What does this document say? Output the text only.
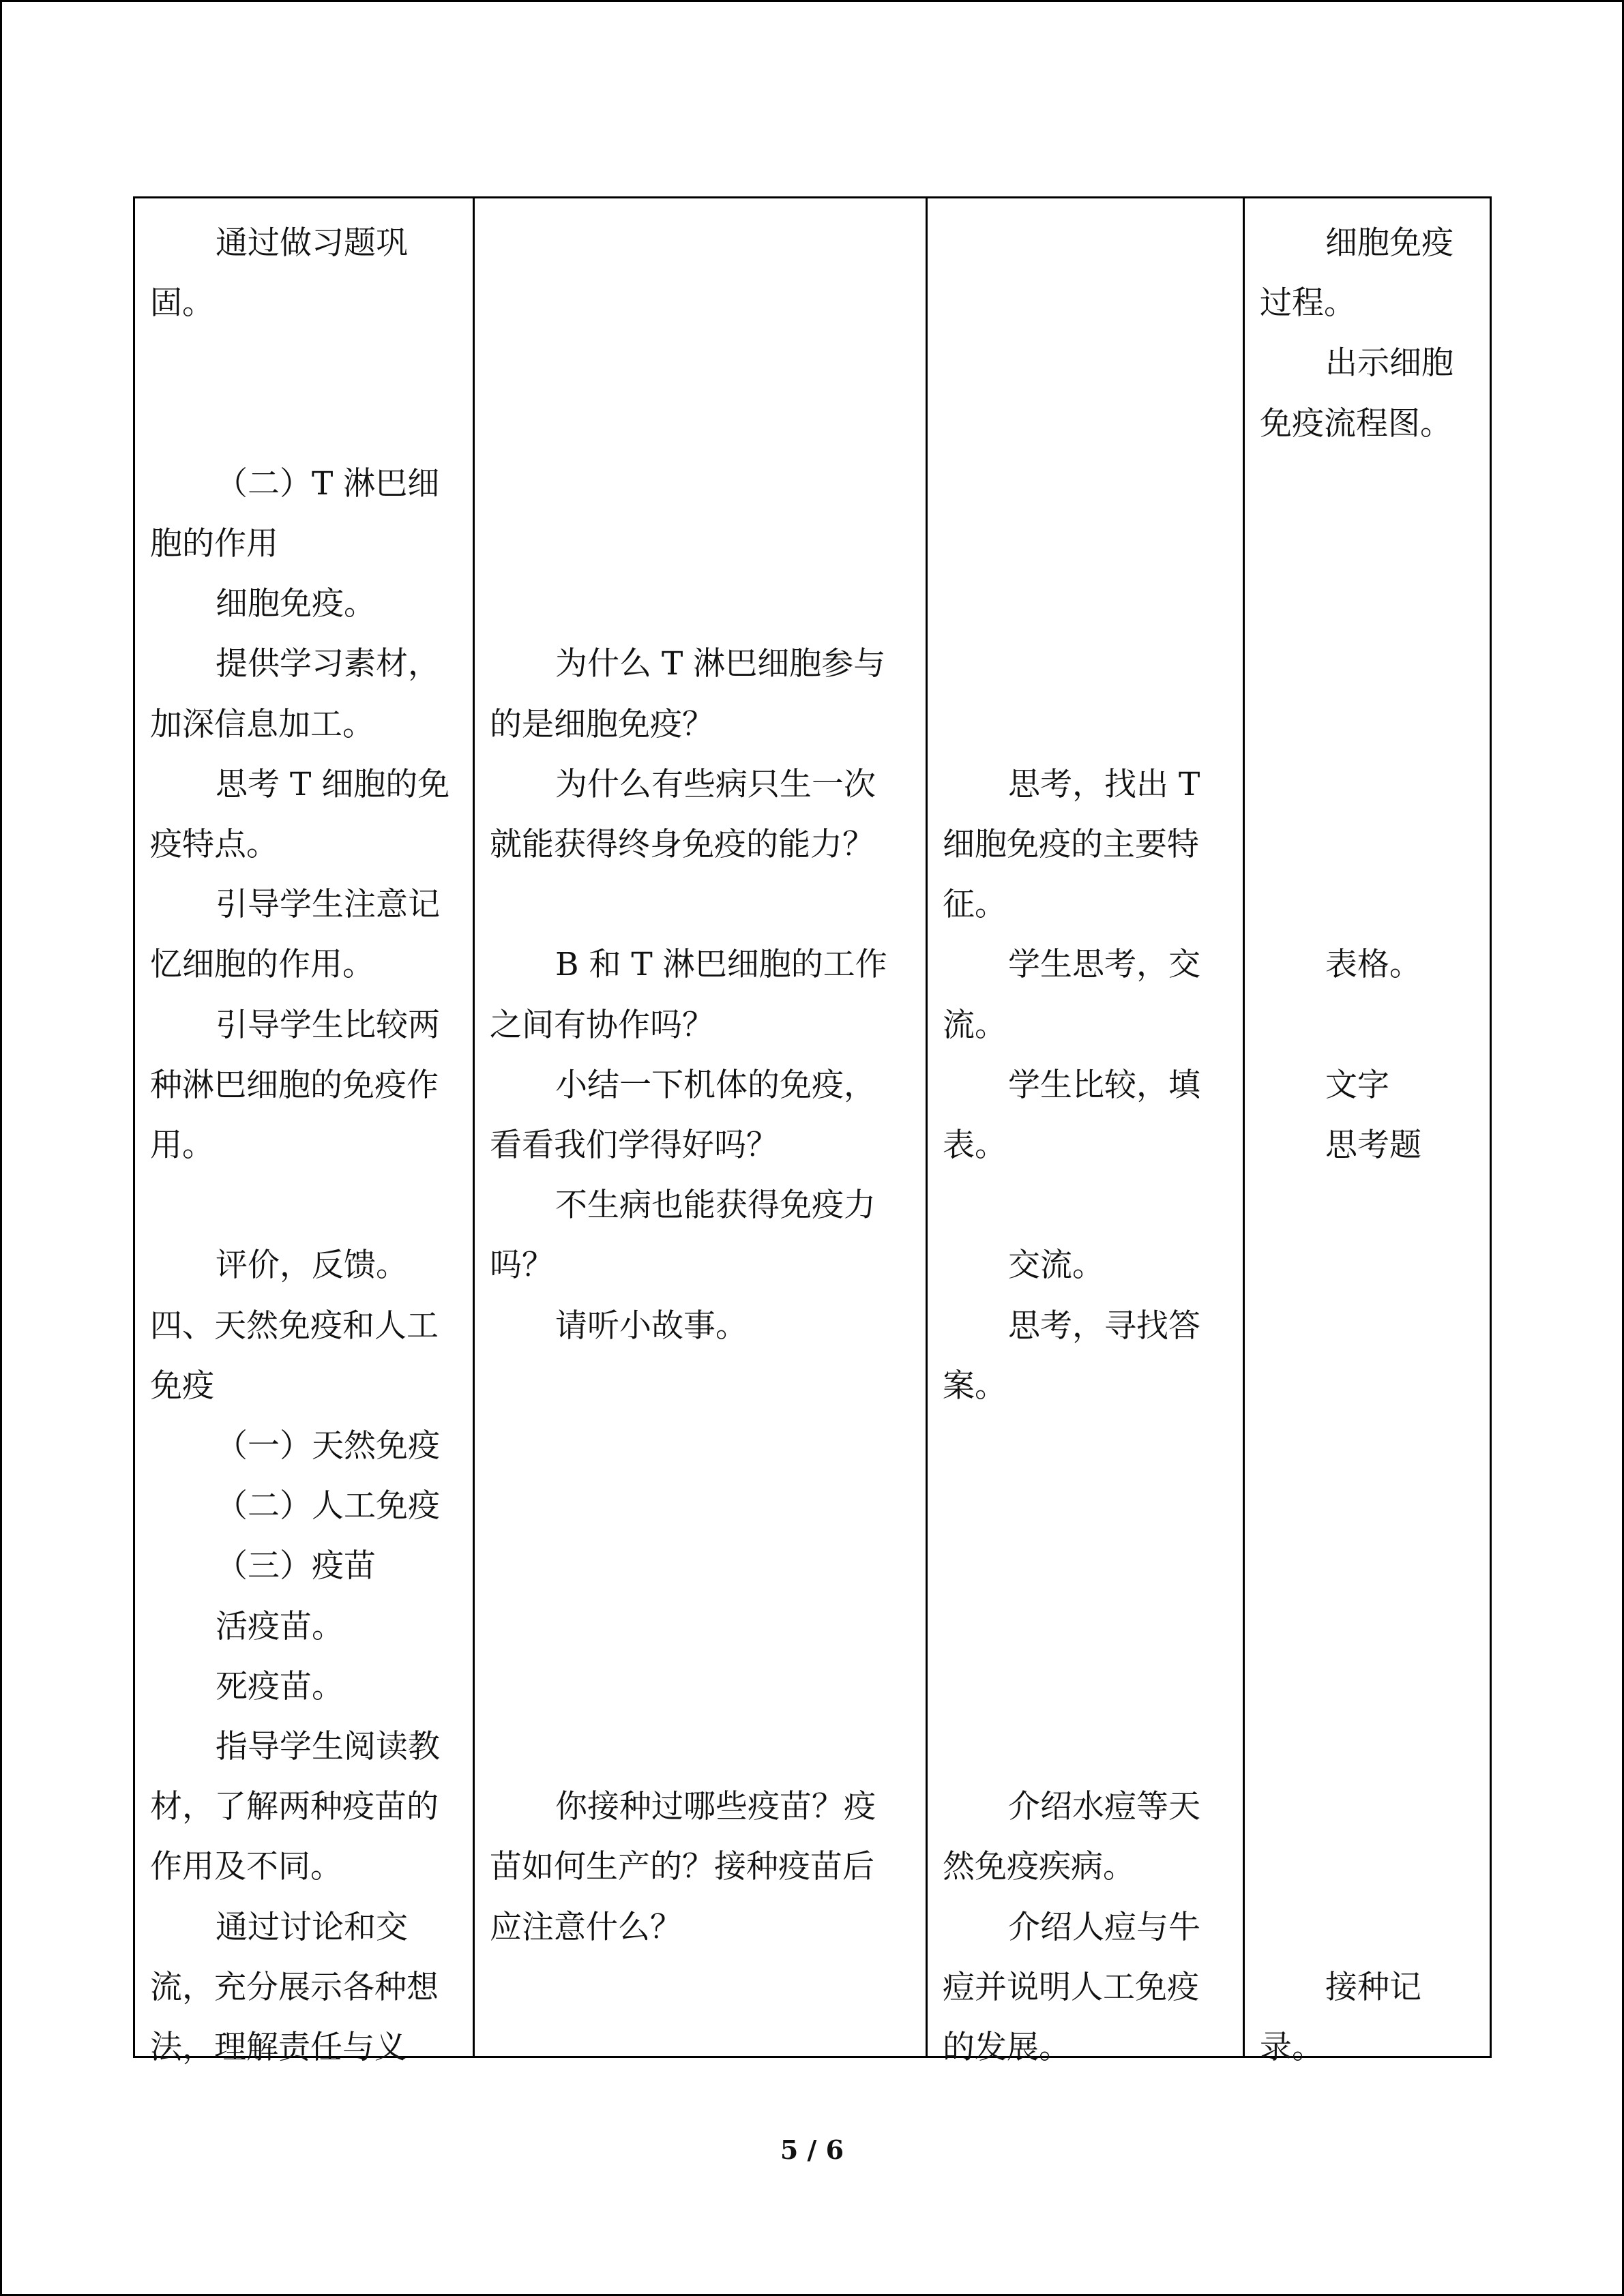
通过做习题巩
固。
（二）T 淋巴细
胞的作用
细胞免疫。
提供学习素材，
加深信息加工。
思考 T 细胞的免
疫特点。
引导学生注意记
忆细胞的作用。
引导学生比较两
种淋巴细胞的免疫作
用。
评价，反馈。
四、天然免疫和人工
免疫
（一）天然免疫
（二）人工免疫
（三）疫苗
活疫苗。
死疫苗。
指导学生阅读教
材，了解两种疫苗的
作用及不同。
通过讨论和交
流，充分展示各种想
法，理解责任与义
为什么 T 淋巴细胞参与
的是细胞免疫？
为什么有些病只生一次
就能获得终身免疫的能力？
B 和 T 淋巴细胞的工作
之间有协作吗？
小结一下机体的免疫，
看看我们学得好吗？
不生病也能获得免疫力
吗？
请听小故事。
你接种过哪些疫苗？疫
苗如何生产的？接种疫苗后
应注意什么？
思考，找出 T
细胞免疫的主要特
征。
学生思考，交
流。
学生比较，填
表。
交流。
思考，寻找答
案。
介绍水痘等天
然免疫疾病。
介绍人痘与牛
痘并说明人工免疫
的发展。
细胞免疫
过程。
出示细胞
免疫流程图。
表格。
文字
思考题
接种记
录。
5 / 6
